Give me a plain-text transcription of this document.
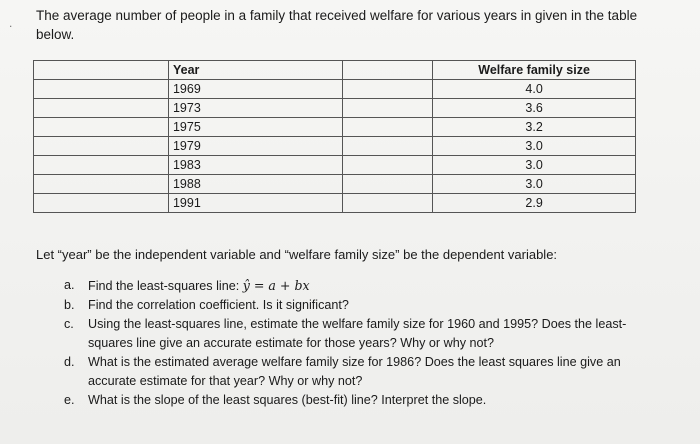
. The average number of people in a family that received welfare for various years in given in the table below.
	Year		Welfare family size
	1969		4.0
	1973		3.6
	1975		3.2
	1979		3.0
	1983		3.0
	1988		3.0
	1991		2.9
Let “year” be the independent variable and “welfare family size” be the dependent variable:
a. Find the least-squares line: ŷ = a + bx
b. Find the correlation coefficient. Is it significant?
c. Using the least-squares line, estimate the welfare family size for 1960 and 1995? Does the least-squares line give an accurate estimate for those years? Why or why not?
d. What is the estimated average welfare family size for 1986? Does the least squares line give an accurate estimate for that year? Why or why not?
e. What is the slope of the least squares (best-fit) line? Interpret the slope.
